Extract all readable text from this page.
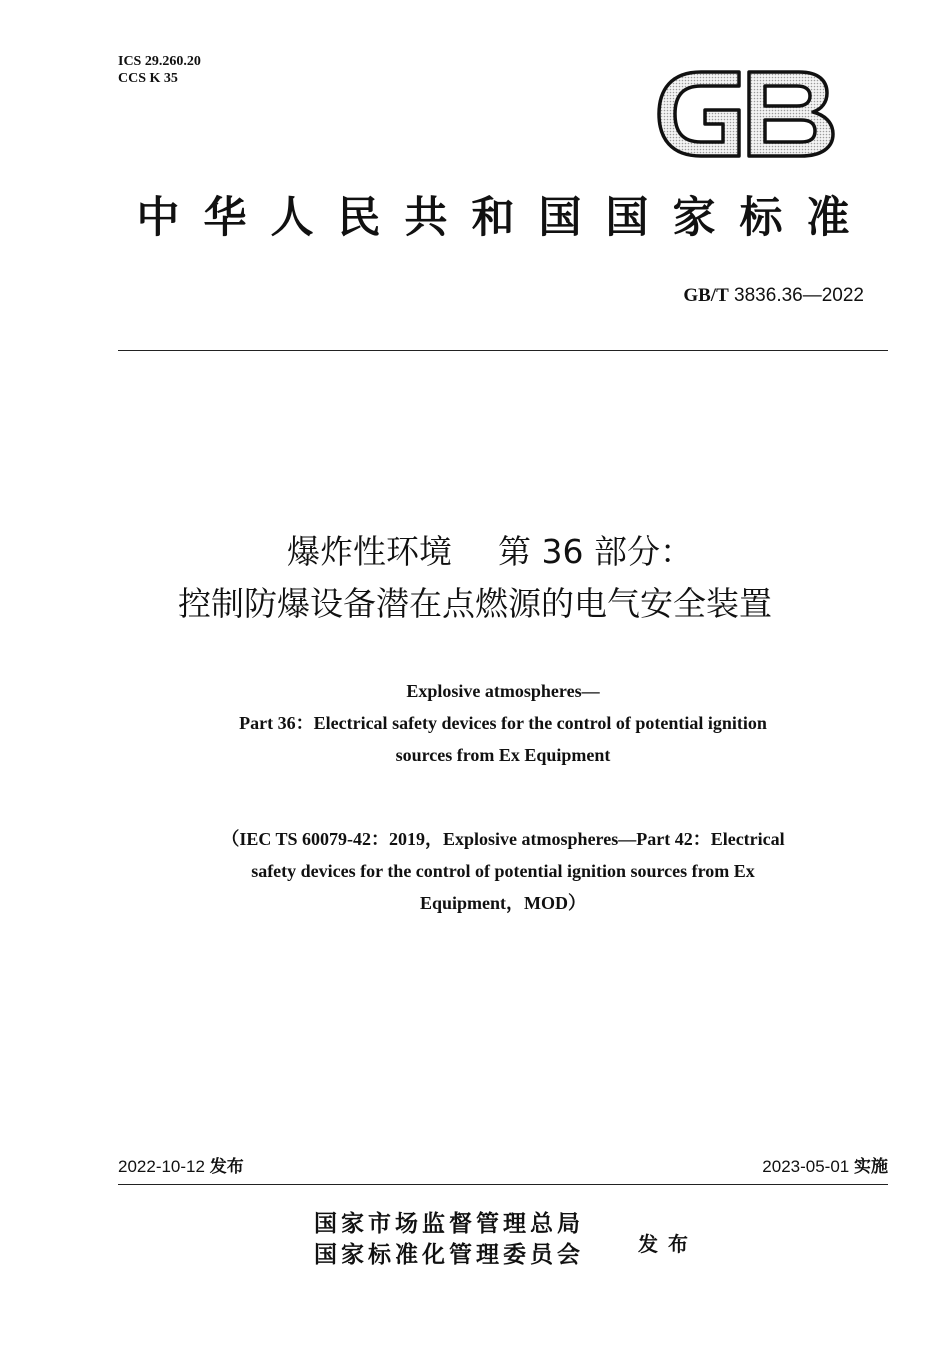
ICS 29.260.20
CCS K 35
中华人民共和国国家标准
GB/T 3836.36—2022
爆炸性环境 第 36 部分：
控制防爆设备潜在点燃源的电气安全装置
Explosive atmospheres—
Part 36：Electrical safety devices for the control of potential ignition
sources from Ex Equipment
（IEC TS 60079-42：2019，Explosive atmospheres—Part 42：Electrical
safety devices for the control of potential ignition sources from Ex
Equipment，MOD）
2022-10-12 发布	2023-05-01 实施
国家市场监督管理总局
国家标准化管理委员会	发布
